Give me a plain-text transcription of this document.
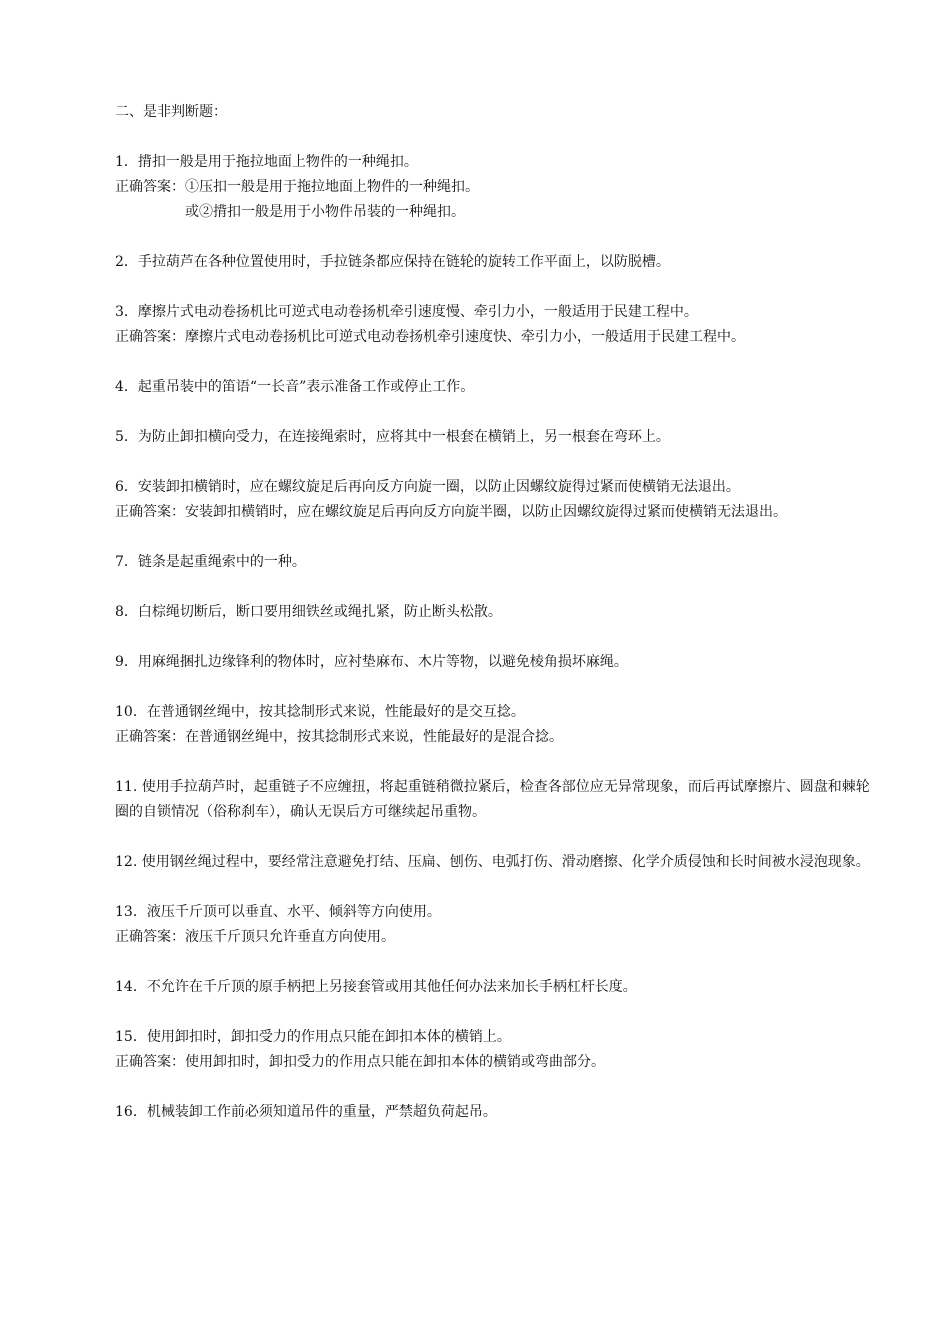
二、是非判断题：
1．揹扣一般是用于拖拉地面上物件的一种绳扣。
正确答案： ①压扣一般是用于拖拉地面上物件的一种绳扣。
或②揹扣一般是用于小物件吊装的一种绳扣。
2．手拉葫芦在各种位置使用时，手拉链条都应保持在链轮的旋转工作平面上，以防脱槽。
3．摩擦片式电动卷扬机比可逆式电动卷扬机牵引速度慢、牵引力小，一般适用于民建工程中。
正确答案：摩擦片式电动卷扬机比可逆式电动卷扬机牵引速度快、牵引力小，一般适用于民建工程中。
4．起重吊装中的笛语“一长音”表示准备工作或停止工作。
5．为防止卸扣横向受力，在连接绳索时，应将其中一根套在横销上，另一根套在弯环上。
6．安装卸扣横销时，应在螺纹旋足后再向反方向旋一圈，以防止因螺纹旋得过紧而使横销无法退出。
正确答案：安装卸扣横销时，应在螺纹旋足后再向反方向旋半圈，以防止因螺纹旋得过紧而使横销无法退出。
7．链条是起重绳索中的一种。
8．白棕绳切断后，断口要用细铁丝或绳扎紧，防止断头松散。
9．用麻绳捆扎边缘锋利的物体时，应衬垫麻布、木片等物，以避免棱角损坏麻绳。
10．在普通钢丝绳中，按其捻制形式来说，性能最好的是交互捻。
正确答案：在普通钢丝绳中，按其捻制形式来说，性能最好的是混合捻。
11. 使用手拉葫芦时，起重链子不应缠扭，将起重链稍微拉紧后，检查各部位应无异常现象，而后再试摩擦片、圆盘和棘轮圈的自锁情况（俗称刹车），确认无误后方可继续起吊重物。
12. 使用钢丝绳过程中，要经常注意避免打结、压扁、刨伤、电弧打伤、滑动磨擦、化学介质侵蚀和长时间被水浸泡现象。
13．液压千斤顶可以垂直、水平、倾斜等方向使用。
正确答案：液压千斤顶只允许垂直方向使用。
14．不允许在千斤顶的原手柄把上另接套管或用其他任何办法来加长手柄杠杆长度。
15．使用卸扣时，卸扣受力的作用点只能在卸扣本体的横销上。
正确答案：使用卸扣时，卸扣受力的作用点只能在卸扣本体的横销或弯曲部分。
16．机械装卸工作前必须知道吊件的重量，严禁超负荷起吊。
